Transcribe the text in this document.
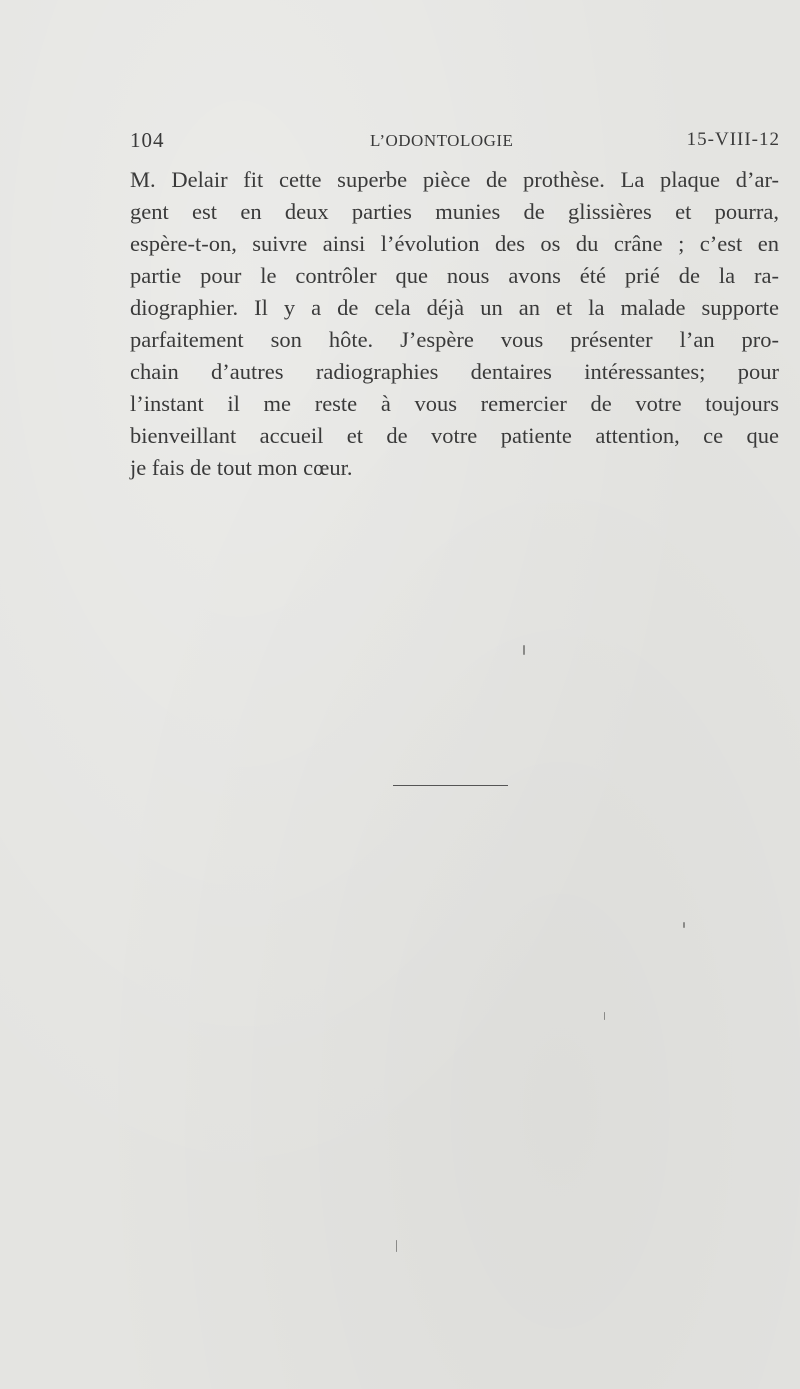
104	L’ODONTOLOGIE	15-VIII-12
M. Delair fit cette superbe pièce de prothèse. La plaque d’ar-
gent est en deux parties munies de glissières et pourra,
espère-t-on, suivre ainsi l’évolution des os du crâne ; c’est en
partie pour le contrôler que nous avons été prié de la ra-
diographier. Il y a de cela déjà un an et la malade supporte
parfaitement son hôte. J’espère vous présenter l’an pro-
chain d’autres radiographies dentaires intéressantes; pour
l’instant il me reste à vous remercier de votre toujours
bienveillant accueil et de votre patiente attention, ce que
je fais de tout mon cœur.
